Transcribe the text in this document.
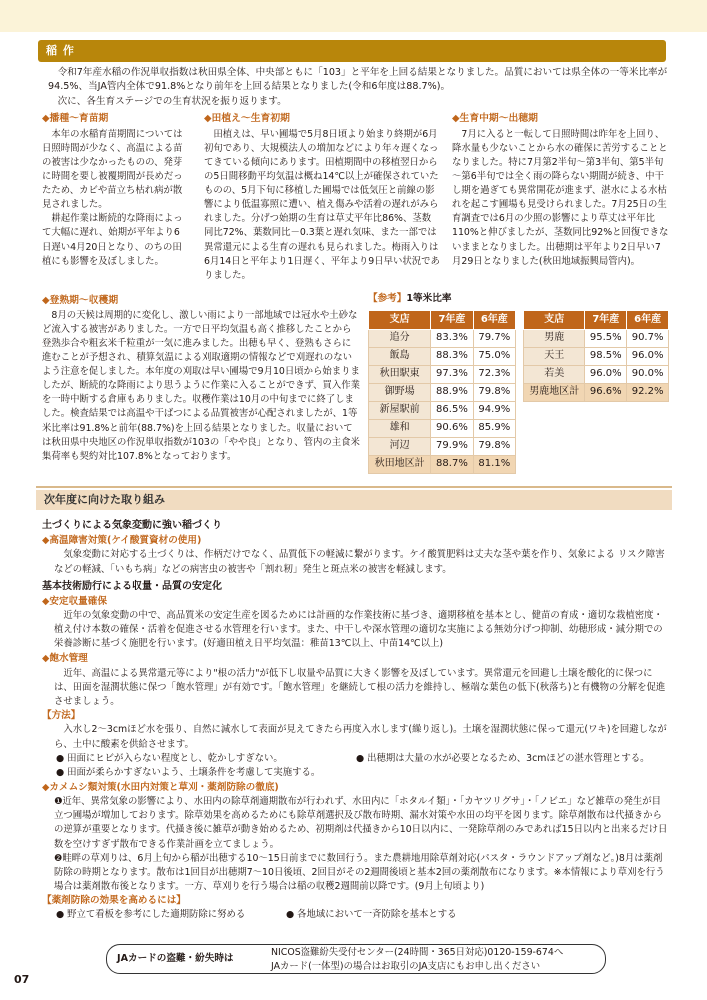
稲 作

令和7年産水稲の作況単収指数は秋田県全体、中央部ともに「103」と平年を上回る結果となりました。品質においては県全体の一等米比率が94.5%、当JA管内全体で91.8%となり前年を上回る結果となりました(令和6年度は88.7%)。

次に、各生育ステージでの生育状況を振り返ります。

◆播種～育苗期

本年の水稲育苗期間については日照時間が少なく、高温による苗の被害は少なかったものの、発芽に時間を要し被覆期間が長めだったため、カビや苗立ち枯れ病が散見されました。

耕起作業は断続的な降雨によって大幅に遅れ、始期が平年より6日遅い4月20日となり、のちの田植にも影響を及ぼしました。

◆田植え～生育初期

田植えは、早い圃場で5月8日頃より始まり終期が6月初旬であり、大規模法人の増加などにより年々遅くなってきている傾向にあります。田植期間中の移植翌日からの5日間移動平均気温は概ね14℃以上が確保されていたものの、5月下旬に移植した圃場では低気圧と前線の影響により低温寡照に遭い、植え傷みや活着の遅れがみられました。分げつ始期の生育は草丈平年比86%、茎数同比72%、葉数同比－0.3葉と遅れ気味、また一部では異常還元による生育の遅れも見られました。梅雨入りは6月14日と平年より1日遅く、平年より9日早い状況でありました。

◆生育中期～出穂期

7月に入ると一転して日照時間は昨年を上回り、降水量も少ないことから水の確保に苦労することとなりました。特に7月第2半旬～第3半旬、第5半旬～第6半旬では全く雨の降らない期間が続き、中干し期を過ぎても異常開花が進まず、湛水による水枯れを起こす圃場も見受けられました。7月25日の生育調査では6月の少照の影響により草丈は平年比110%と伸びましたが、茎数同比92%と回復できないままとなりました。出穂期は平年より2日早い7月29日となりました(秋田地域振興局管内)。

◆登熟期～収穫期

8月の天候は周期的に変化し、激しい雨により一部地域では冠水や土砂など流入する被害がありました。一方で日平均気温も高く推移したことから登熟歩合や粗玄米千粒重が一気に進みました。出穂も早く、登熟もさらに進むことが予想され、積算気温による刈取適期の情報などで刈遅れのないよう注意を促しました。本年度の刈取は早い圃場で9月10日頃から始まりましたが、断続的な降雨により思うように作業に入ることができず、買入作業を一時中断する倉庫もありました。収穫作業は10月の中旬までに終了しました。検査結果では高温や干ばつによる品質被害が心配されましたが、1等米比率は91.8%と前年(88.7%)を上回る結果となりました。収量においては秋田県中央地区の作況単収指数が103の「やや良」となり、管内の主食米集荷率も契約対比107.8%となっております。

【参考】1等米比率
支店	7年産	6年産
追分	83.3%	79.7%
飯島	88.3%	75.0%
秋田駅東	97.3%	72.3%
御野場	88.9%	79.8%
新屋駅前	86.5%	94.9%
雄和	90.6%	85.9%
河辺	79.9%	79.8%
秋田地区計	88.7%	81.1%
支店	7年産	6年産
男鹿	95.5%	90.7%
天王	98.5%	96.0%
若美	96.0%	90.0%
男鹿地区計	96.6%	92.2%
次年度に向けた取り組み
土づくりによる気象変動に強い稲づくり
◆高温障害対策(ケイ酸質資材の使用)

気象変動に対応する土づくりは、作柄だけでなく、品質低下の軽減に繋がります。ケイ酸質肥料は丈夫な茎や葉を作り、気象による リスク障害などの軽減、「いもち病」などの病害虫の被害や「割れ籾」発生と斑点米の被害を軽減します。

基本技術励行による収量・品質の安定化
◆安定収量確保

近年の気象変動の中で、高品質米の安定生産を図るためには計画的な作業技術に基づき、適期移植を基本とし、健苗の育成・適切な栽植密度・植え付け本数の確保・活着を促進させる水管理を行います。また、中干しや深水管理の適切な実施による無効分げつ抑制、幼穂形成・減分期での栄養診断に基づく施肥を行います。(好適田植え日平均気温：稚苗13℃以上、中苗14℃以上)

◆飽水管理

近年、高温による異常還元等により"根の活力"が低下し収量や品質に大きく影響を及ぼしています。異常還元を回避し土壌を酸化的に保つには、田面を湿潤状態に保つ「飽水管理」が有効です。「飽水管理」を継続して根の活力を維持し、極端な葉色の低下(秋落ち)と有機物の分解を促進させましょう。

【方法】

入水し2～3cmほど水を張り、自然に減水して表面が見えてきたら再度入水します(繰り返し)。土壌を湿潤状態に保って還元(ワキ)を回避しながら、土中に酸素を供給させます。

● 田面にヒビが入らない程度とし、乾かしすぎない。	● 出穂期は大量の水が必要となるため、3cmほどの湛水管理とする。
● 田面が柔らかすぎないよう、土壌条件を考慮して実施する。
◆カメムシ類対策(水田内対策と草刈・薬剤防除の徹底)
❶近年、異常気象の影響により、水田内の除草剤適期散布が行われず、水田内に「ホタルイ類」・「カヤツリグサ」・「ノビエ」など雑草の発生が目立つ圃場が増加しております。除草効果を高めるためにも除草剤選択及び散布時期、漏水対策や水田の均平を図ります。除草剤散布は代掻きからの逆算が重要となります。代掻き後に雑草が動き始めるため、初期剤は代掻きから10日以内に、一発除草剤のみであれば15日以内と出来るだけ日数を空けすぎず散布できる作業計画を立てましょう。
❷畦畔の草刈りは、6月上旬から稲が出穂する10～15日前までに数回行う。また農耕地用除草剤対応(パスタ・ラウンドアップ剤など。)8月は薬剤防除の時期となります。散布は1回目が出穂期7～10日後頃、2回目がその2週間後頃と基本2回の薬剤散布になります。※本情報により草刈を行う場合は薬剤散布後となります。一方、草刈りを行う場合は稲の収穫2週間前以降です。(9月上旬頃より)
【薬剤防除の効果を高めるには】
● 野立て看板を参考にした適期防除に努める	● 各地域において一斉防除を基本とする
JAカードの盗難・紛失時は
NICOS盗難紛失受付センター(24時間・365日対応)0120-159-674へ
JAカード(一体型)の場合はお取引のJA支店にもお申し出ください
07
